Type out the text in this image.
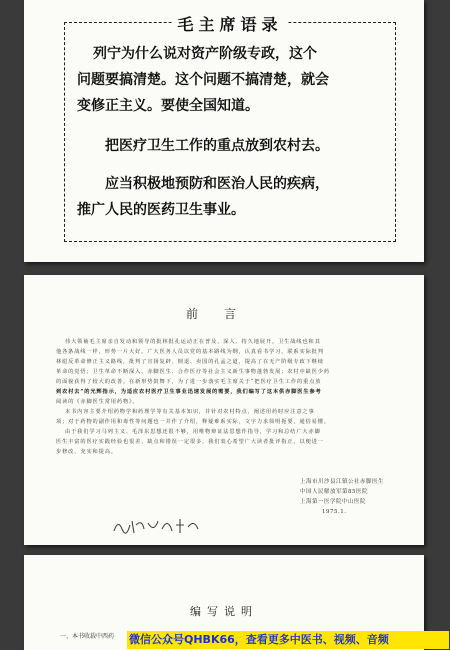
毛主席语录
列宁为什么说对资产阶级专政，这个
问题要搞清楚。这个问题不搞清楚，就会
变修正主义。要使全国知道。
把医疗卫生工作的重点放到农村去。
应当积极地预防和医治人民的疾病，
推广人民的医药卫生事业。
前言
伟大领袖毛主席亲自发动和领导的批林批孔运动正在普及、深入、持久地展开。卫生战线也和其
他各条战线一样，形势一片大好。广大医务人员以党的基本路线为纲，认真看书学习，联系实际批判
林彪反革命修正主义路线，批判了宣扬复辟、倒退、卖国的孔孟之道，提高了在无产阶级专政下继续
革命的觉悟；卫生革命不断深入，赤脚医生、合作医疗等社会主义新生事物蓬勃发展；农村中缺医少药
的面貌获得了较大的改善。在新形势鼓舞下，为了进一步落实毛主席关于“把医疗卫生工作的重点放
到农村去”的光辉指示，为适应农村医疗卫生事业迅速发展的需要，我们编写了这本供赤脚医生参考
阅读的《赤脚医生常用药物》。
本书内容主要介绍药物学和药理学等有关基本知识，并针对农村特点，阐述用药时应注意之事
项；对于药物的副作用和毒性等问题也一并作了介绍，释疑难系实际，文字力求简明扼要，通俗易懂。
由于我们学习马列主义、毛泽东思想还很不够，用唯物辩证法思想作指导，学习和总结广大赤脚
医生丰富的医疗实践经验也很差，缺点和错误一定很多，我们衷心希望广大读者批评指正，以便进一
步修改、充实和提高。
上海市川沙县江镇公社赤脚医生
中国人民解放军第85医院
上海第一医学院中山医院
1975.1.
编写说明
一、本书收载中西药 微信公众号QHBK66，查看更多中医书、视频、音频
